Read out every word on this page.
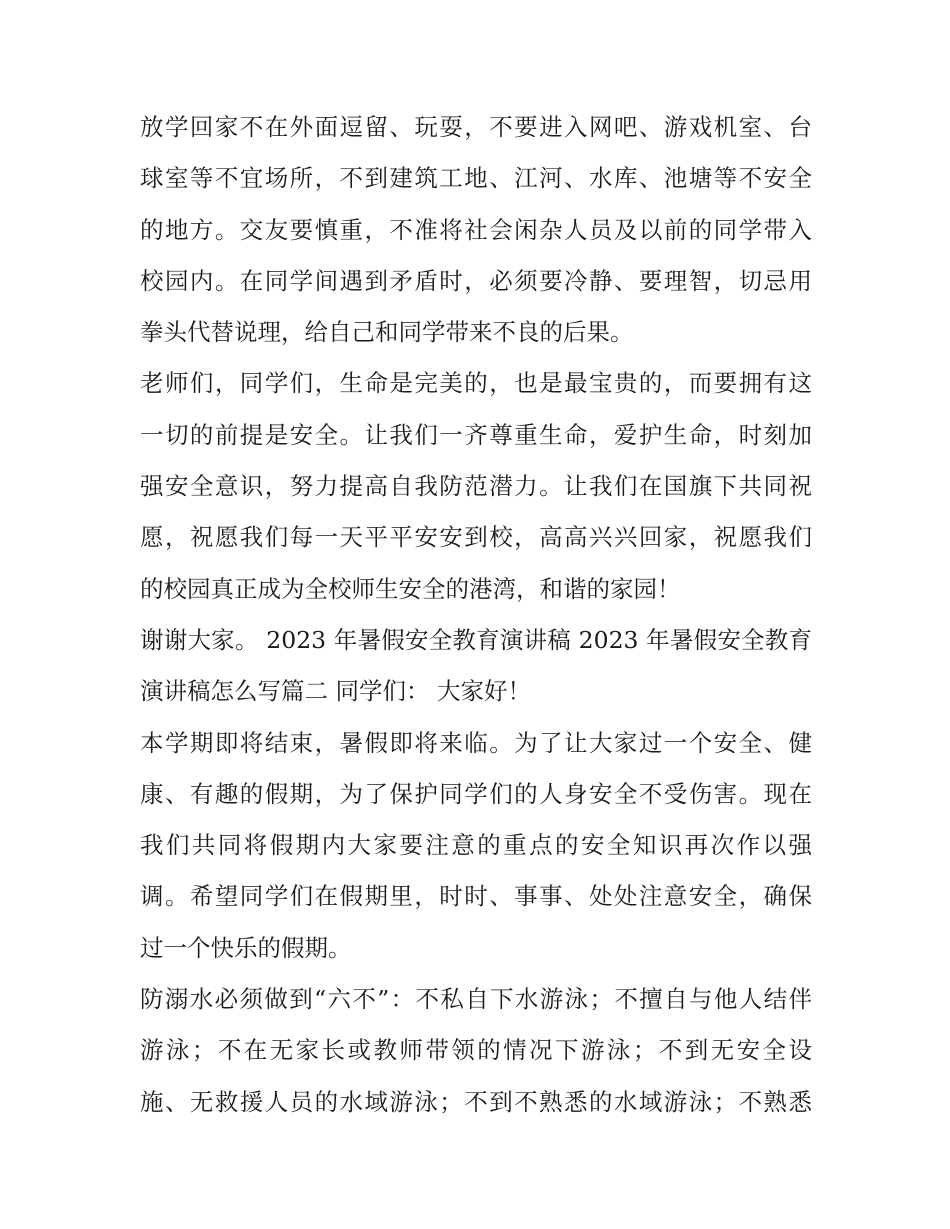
放学回家不在外面逗留、玩耍，不要进入网吧、游戏机室、台
球室等不宜场所，不到建筑工地、江河、水库、池塘等不安全
的地方。交友要慎重，不准将社会闲杂人员及以前的同学带入
校园内。在同学间遇到矛盾时，必须要冷静、要理智，切忌用
拳头代替说理，给自己和同学带来不良的后果。
老师们，同学们，生命是完美的，也是最宝贵的，而要拥有这
一切的前提是安全。让我们一齐尊重生命，爱护生命，时刻加
强安全意识，努力提高自我防范潜力。让我们在国旗下共同祝
愿，祝愿我们每一天平平安安到校，高高兴兴回家，祝愿我们
的校园真正成为全校师生安全的港湾，和谐的家园！
谢谢大家。 2023 年暑假安全教育演讲稿 2023 年暑假安全教育
演讲稿怎么写篇二 同学们： 大家好！
本学期即将结束，暑假即将来临。为了让大家过一个安全、健
康、有趣的假期，为了保护同学们的人身安全不受伤害。现在
我们共同将假期内大家要注意的重点的安全知识再次作以强
调。希望同学们在假期里，时时、事事、处处注意安全，确保
过一个快乐的假期。
防溺水必须做到“六不”：不私自下水游泳；不擅自与他人结伴
游泳；不在无家长或教师带领的情况下游泳；不到无安全设
施、无救援人员的水域游泳；不到不熟悉的水域游泳；不熟悉
